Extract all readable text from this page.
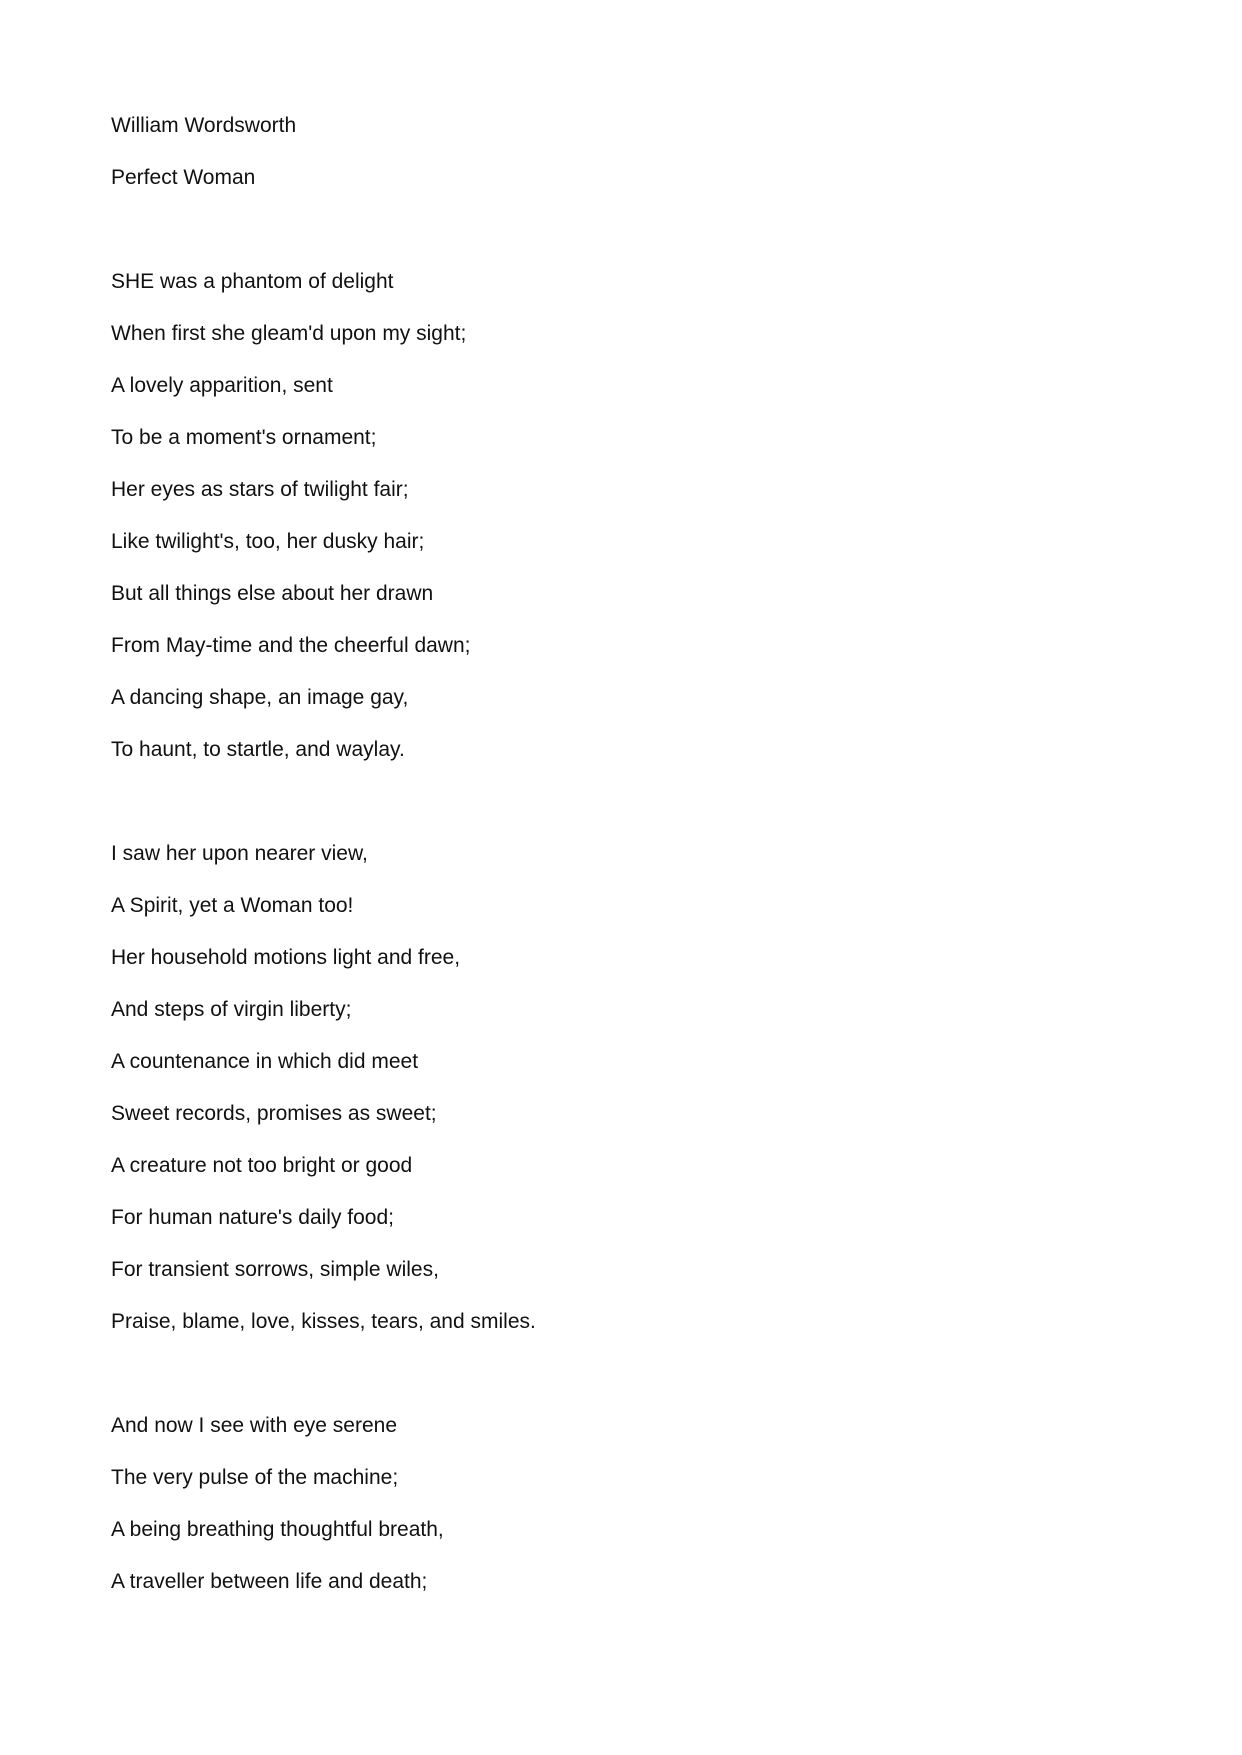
William Wordsworth
Perfect Woman
SHE was a phantom of delight
When first she gleam'd upon my sight;
A lovely apparition, sent
To be a moment's ornament;
Her eyes as stars of twilight fair;
Like twilight's, too, her dusky hair;
But all things else about her drawn
From May-time and the cheerful dawn;
A dancing shape, an image gay,
To haunt, to startle, and waylay.
I saw her upon nearer view,
A Spirit, yet a Woman too!
Her household motions light and free,
And steps of virgin liberty;
A countenance in which did meet
Sweet records, promises as sweet;
A creature not too bright or good
For human nature's daily food;
For transient sorrows, simple wiles,
Praise, blame, love, kisses, tears, and smiles.
And now I see with eye serene
The very pulse of the machine;
A being breathing thoughtful breath,
A traveller between life and death;
